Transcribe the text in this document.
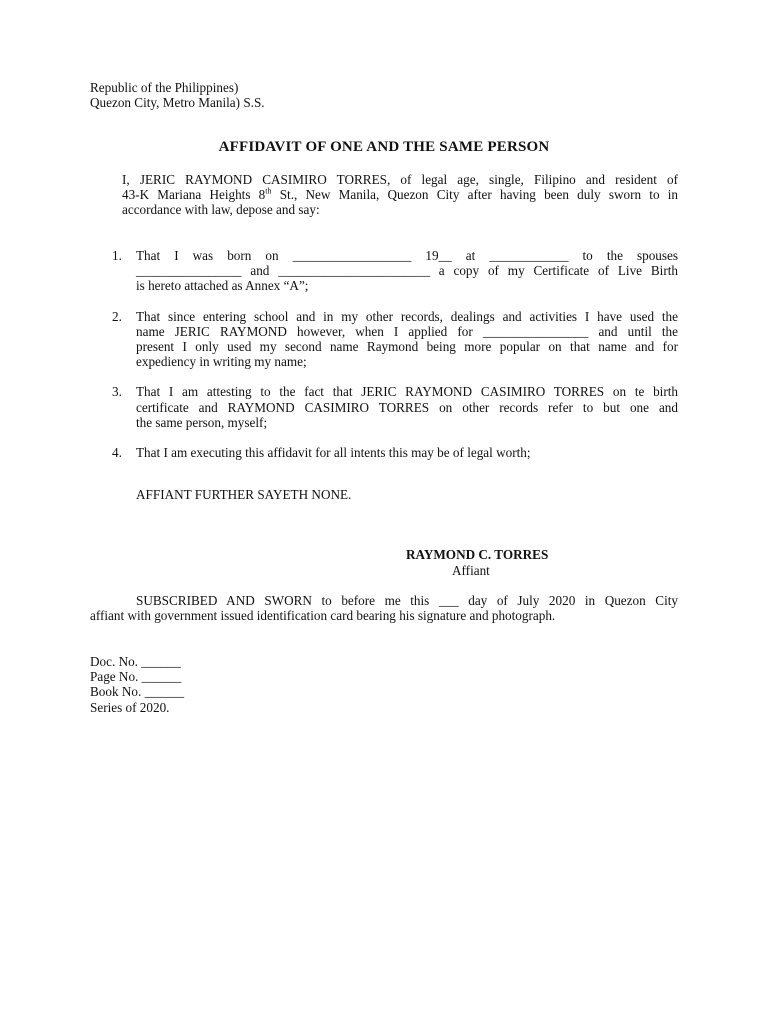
Republic of the Philippines)
Quezon City, Metro Manila) S.S.
AFFIDAVIT OF ONE AND THE SAME PERSON
I, JERIC RAYMOND CASIMIRO TORRES, of legal age, single, Filipino and resident of
43-K Mariana Heights 8th St., New Manila, Quezon City after having been duly sworn to in
accordance with law, depose and say:
1. That I was born on __________________ 19__ at ____________ to the spouses
________________ and _______________________ a copy of my Certificate of Live Birth
is hereto attached as Annex “A”;
2. That since entering school and in my other records, dealings and activities I have used the
name JERIC RAYMOND however, when I applied for ________________ and until the
present I only used my second name Raymond being more popular on that name and for
expediency in writing my name;
3. That I am attesting to the fact that JERIC RAYMOND CASIMIRO TORRES on te birth
certificate and RAYMOND CASIMIRO TORRES on other records refer to but one and
the same person, myself;
4. That I am executing this affidavit for all intents this may be of legal worth;
AFFIANT FURTHER SAYETH NONE.
RAYMOND C. TORRES
Affiant
SUBSCRIBED AND SWORN to before me this ___ day of July 2020 in Quezon City
affiant with government issued identification card bearing his signature and photograph.
Doc. No. ______
Page No. ______
Book No. ______
Series of 2020.
